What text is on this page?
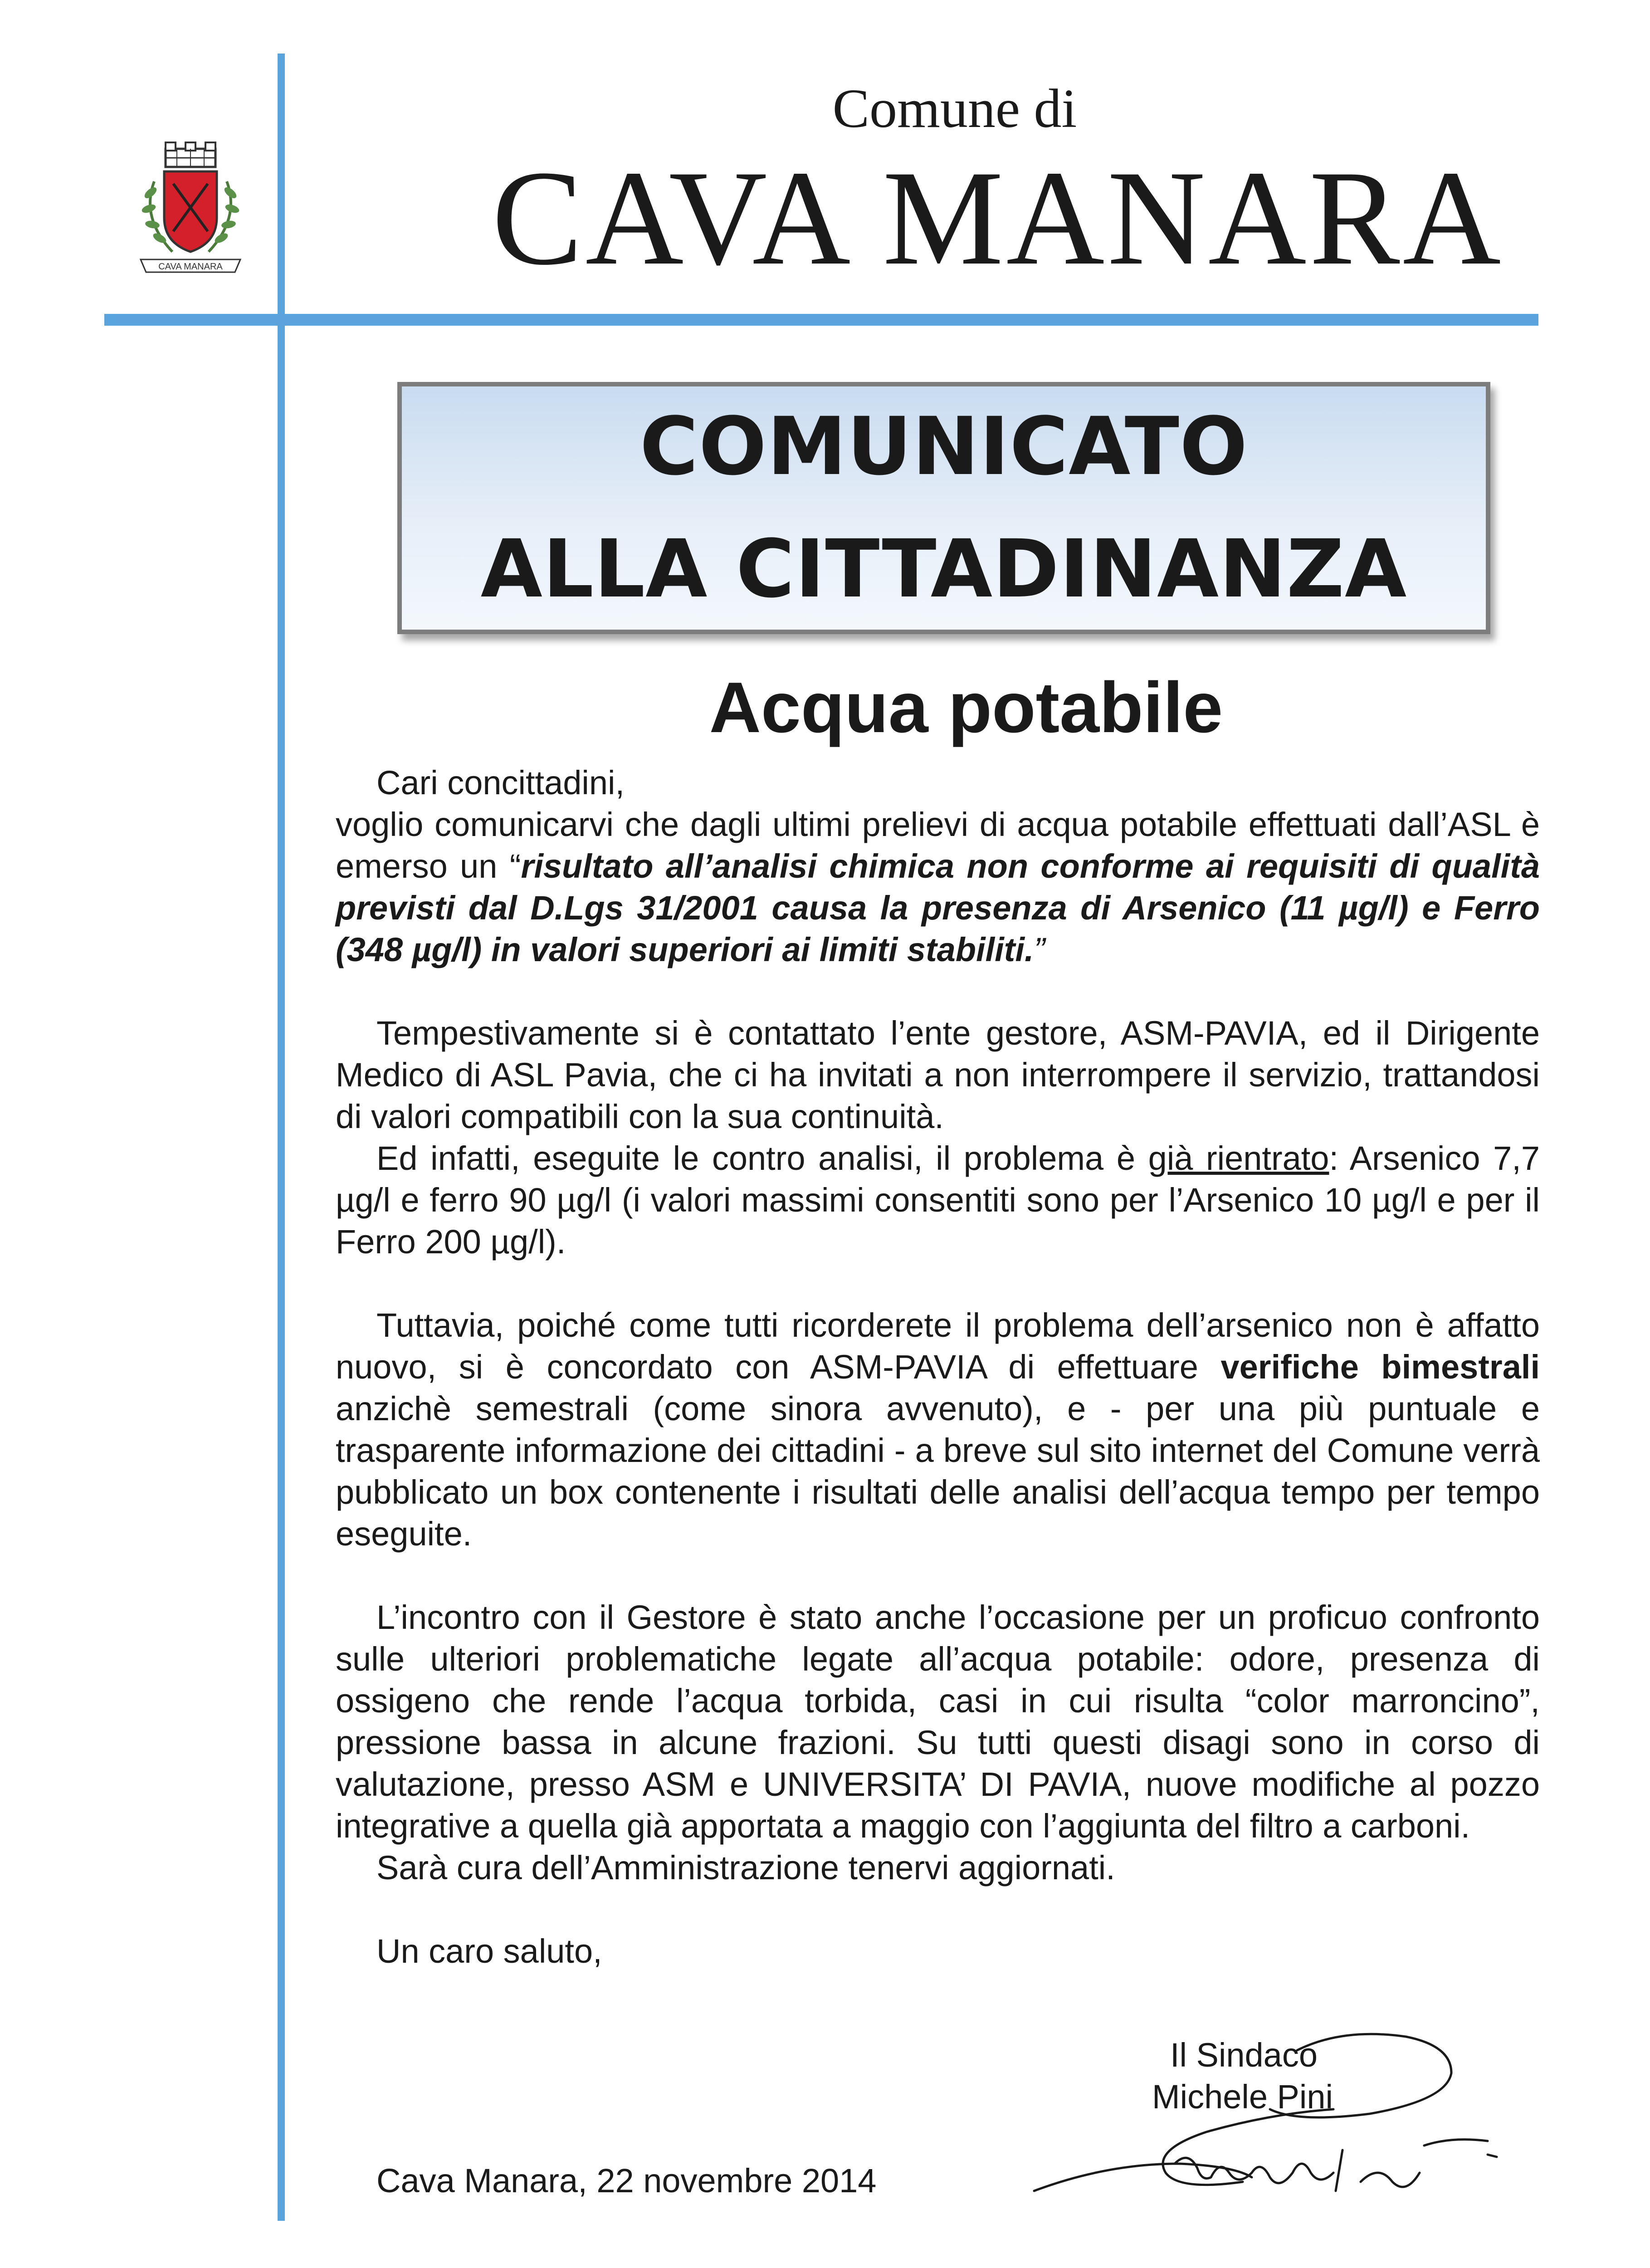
CAVA MANARA
Comune di
CAVA MANARA
COMUNICATO
ALLA CITTADINANZA
Acqua potabile

Cari concittadini,

voglio comunicarvi che dagli ultimi prelievi di acqua potabile effettuati dall’ASL è emerso un “risultato all’analisi chimica non conforme ai requisiti di qualità previsti dal D.Lgs 31/2001 causa la presenza di Arsenico (11 µg/l) e Ferro (348 µg/l) in valori superiori ai limiti stabiliti.”

Tempestivamente si è contattato l’ente gestore, ASM-PAVIA, ed il Dirigente Medico di ASL Pavia, che ci ha invitati a non interrompere il servizio, trattandosi di valori compatibili con la sua continuità.

Ed infatti, eseguite le contro analisi, il problema è già rientrato: Arsenico 7,7 µg/l e ferro 90 µg/l (i valori massimi consentiti sono per l’Arsenico 10 µg/l e per il Ferro 200 µg/l).

Tuttavia, poiché come tutti ricorderete il problema dell’arsenico non è affatto nuovo, si è concordato con ASM-PAVIA di effettuare verifiche bimestrali anzichè semestrali (come sinora avvenuto), e - per una più puntuale e trasparente informazione dei cittadini - a breve sul sito internet del Comune verrà pubblicato un box contenente i risultati delle analisi dell’acqua tempo per tempo eseguite.

L’incontro con il Gestore è stato anche l’occasione per un proficuo confronto sulle ulteriori problematiche legate all’acqua potabile: odore, presenza di ossigeno che rende l’acqua torbida, casi in cui risulta “color marroncino”, pressione bassa in alcune frazioni. Su tutti questi disagi sono in corso di valutazione, presso ASM e UNIVERSITA’ DI PAVIA, nuove modifiche al pozzo integrative a quella già apportata a maggio con l’aggiunta del filtro a carboni.

Sarà cura dell’Amministrazione tenervi aggiornati.

Un caro saluto,

Il Sindaco
Michele Pini
Cava Manara, 22 novembre 2014
